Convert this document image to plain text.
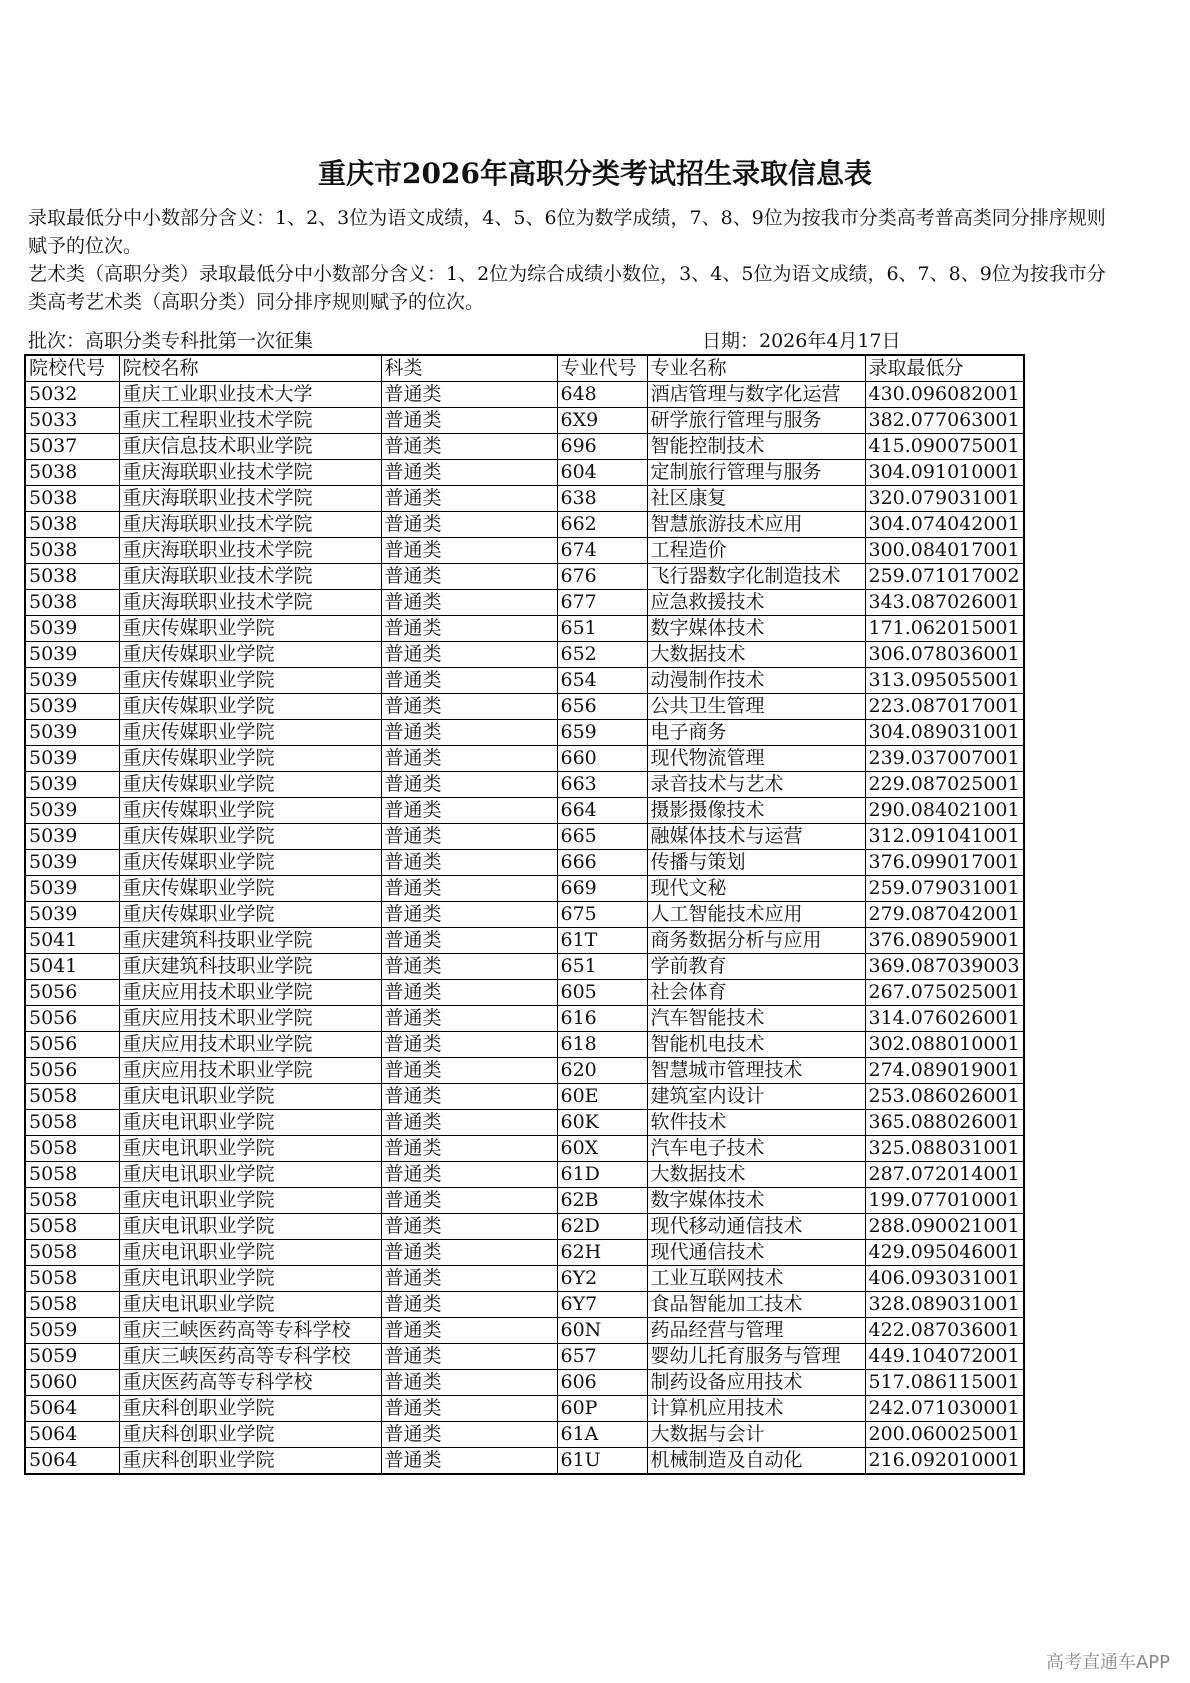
重庆市2026年高职分类考试招生录取信息表
录取最低分中小数部分含义：1、2、3位为语文成绩，4、5、6位为数学成绩，7、8、9位为按我市分类高考普高类同分排序规则赋予的位次。
艺术类（高职分类）录取最低分中小数部分含义：1、2位为综合成绩小数位，3、4、5位为语文成绩，6、7、8、9位为按我市分类高考艺术类（高职分类）同分排序规则赋予的位次。
批次：高职分类专科批第一次征集	日期：2026年4月17日
院校代号	院校名称	科类	专业代号	专业名称	录取最低分
5032	重庆工业职业技术大学	普通类	648	酒店管理与数字化运营	430.096082001
5033	重庆工程职业技术学院	普通类	6X9	研学旅行管理与服务	382.077063001
5037	重庆信息技术职业学院	普通类	696	智能控制技术	415.090075001
5038	重庆海联职业技术学院	普通类	604	定制旅行管理与服务	304.091010001
5038	重庆海联职业技术学院	普通类	638	社区康复	320.079031001
5038	重庆海联职业技术学院	普通类	662	智慧旅游技术应用	304.074042001
5038	重庆海联职业技术学院	普通类	674	工程造价	300.084017001
5038	重庆海联职业技术学院	普通类	676	飞行器数字化制造技术	259.071017002
5038	重庆海联职业技术学院	普通类	677	应急救援技术	343.087026001
5039	重庆传媒职业学院	普通类	651	数字媒体技术	171.062015001
5039	重庆传媒职业学院	普通类	652	大数据技术	306.078036001
5039	重庆传媒职业学院	普通类	654	动漫制作技术	313.095055001
5039	重庆传媒职业学院	普通类	656	公共卫生管理	223.087017001
5039	重庆传媒职业学院	普通类	659	电子商务	304.089031001
5039	重庆传媒职业学院	普通类	660	现代物流管理	239.037007001
5039	重庆传媒职业学院	普通类	663	录音技术与艺术	229.087025001
5039	重庆传媒职业学院	普通类	664	摄影摄像技术	290.084021001
5039	重庆传媒职业学院	普通类	665	融媒体技术与运营	312.091041001
5039	重庆传媒职业学院	普通类	666	传播与策划	376.099017001
5039	重庆传媒职业学院	普通类	669	现代文秘	259.079031001
5039	重庆传媒职业学院	普通类	675	人工智能技术应用	279.087042001
5041	重庆建筑科技职业学院	普通类	61T	商务数据分析与应用	376.089059001
5041	重庆建筑科技职业学院	普通类	651	学前教育	369.087039003
5056	重庆应用技术职业学院	普通类	605	社会体育	267.075025001
5056	重庆应用技术职业学院	普通类	616	汽车智能技术	314.076026001
5056	重庆应用技术职业学院	普通类	618	智能机电技术	302.088010001
5056	重庆应用技术职业学院	普通类	620	智慧城市管理技术	274.089019001
5058	重庆电讯职业学院	普通类	60E	建筑室内设计	253.086026001
5058	重庆电讯职业学院	普通类	60K	软件技术	365.088026001
5058	重庆电讯职业学院	普通类	60X	汽车电子技术	325.088031001
5058	重庆电讯职业学院	普通类	61D	大数据技术	287.072014001
5058	重庆电讯职业学院	普通类	62B	数字媒体技术	199.077010001
5058	重庆电讯职业学院	普通类	62D	现代移动通信技术	288.090021001
5058	重庆电讯职业学院	普通类	62H	现代通信技术	429.095046001
5058	重庆电讯职业学院	普通类	6Y2	工业互联网技术	406.093031001
5058	重庆电讯职业学院	普通类	6Y7	食品智能加工技术	328.089031001
5059	重庆三峡医药高等专科学校	普通类	60N	药品经营与管理	422.087036001
5059	重庆三峡医药高等专科学校	普通类	657	婴幼儿托育服务与管理	449.104072001
5060	重庆医药高等专科学校	普通类	606	制药设备应用技术	517.086115001
5064	重庆科创职业学院	普通类	60P	计算机应用技术	242.071030001
5064	重庆科创职业学院	普通类	61A	大数据与会计	200.060025001
5064	重庆科创职业学院	普通类	61U	机械制造及自动化	216.092010001
高考直通车APP
